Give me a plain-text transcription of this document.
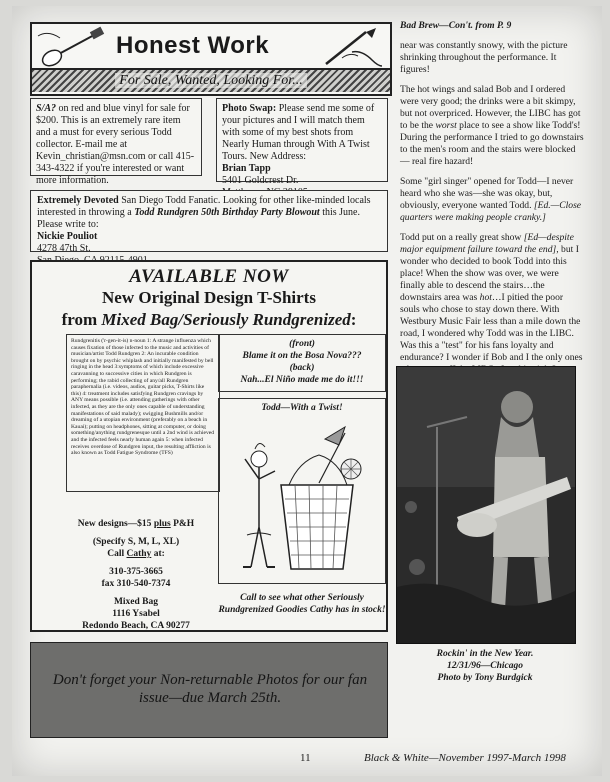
Honest Work
For Sale, Wanted, Looking For...
S/A? on red and blue vinyl for sale for $200. This is an extremely rare item and a must for every serious Todd collector. E-mail me at Kevin_christian@msn.com or call 415-343-4322 if you're interested or want more information.
Photo Swap: Please send me some of your pictures and I will match them with some of my best shots from Nearly Human through With A Twist Tours. New Address:
Brian Tapp
5401 Goldcrest Dr.

Extremely Devoted San Diego Todd Fanatic. Looking for other like-minded locals interested in throwing a Todd Rundgren 50th Birthday Party Blowout this June. Please write to:
Nickie Pouliot
4278 47th St.

AVAILABLE NOW
New Original Design T-Shirts
from Mixed Bag/Seriously Rundgrenized:
Rundgrenitis ('r-gen-it-is) n-noun 1: A strange influenza which causes fixation of those infected to the music and activities of musician/artist Todd Rundgren 2: An incurable condition brought on by psychic whiplash and initially manifested by bell ringing in the head 3:symptoms of which include excessive caravanning to successive cities in which Rundgren is performing; the rabid collecting of any/all Rundgren paraphernalia (i.e. videos, audios, guitar picks, T-Shirts like this) 4: treatment includes satisfying Rundgren cravings by ANY means possible (i.e. attending gatherings with other infected, as they are the only ones capable of understanding manifestations of said malady); swigging Bushmills and/or dreaming of a utopian environment (preferably on a beach in Kauai); putting on headphones, sitting at computer, or doing something/anything rundgrenesque until a 2nd wind is achieved and the infected feels nearly human again 5: when infected receives overdose of Rundgren input, the resulting affliction is also known as Todd Fatigue Syndrome (TFS)
(front)
Blame it on the Bosa Nova???
(back)
Nah...El Niño made me do it!!!
Todd—With a Twist!
New designs—$15 plus P&H
(Specify S, M, L, XL)
Call Cathy at:
310-375-3665
fax 310-540-7374
Mixed Bag
1116 Ysabel
Redondo Beach, CA 90277
Call to see what other Seriously Rundgrenized Goodies Cathy has in stock!
Don't forget your Non-returnable Photos for our fan issue—due March 25th.

Bad Brew—Con't. from P. 9

near was constantly snowy, with the picture shrinking throughout the performance. It figures!

The hot wings and salad Bob and I ordered were very good; the drinks were a bit skimpy, but not overpriced. However, the LIBC has got to be the worst place to see a show like Todd's! During the performance I tried to go downstairs to the men's room and the stairs were blocked— real fire hazard!

Some "girl singer" opened for Todd—I never heard who she was—she was okay, but, obviously, everyone wanted Todd. [Ed.—Close quarters were making people cranky.]

Todd put on a really great show [Ed—despite major equipment failure toward the end], but I wonder who decided to book Todd into this place! When the show was over, we were finally able to descend the stairs…the downstairs area was hot…I pitied the poor souls who chose to stay down there. With Westbury Music Fair less than a mile down the road, I wondered why Todd was in the LIBC. Was this a "test" for his fans loyalty and endurance? I wonder if Bob and I the only ones

Rockin' in the New Year.
12/31/96—Chicago
Photo by Tony Burdgick
11	Black & White—November 1997-March 1998
